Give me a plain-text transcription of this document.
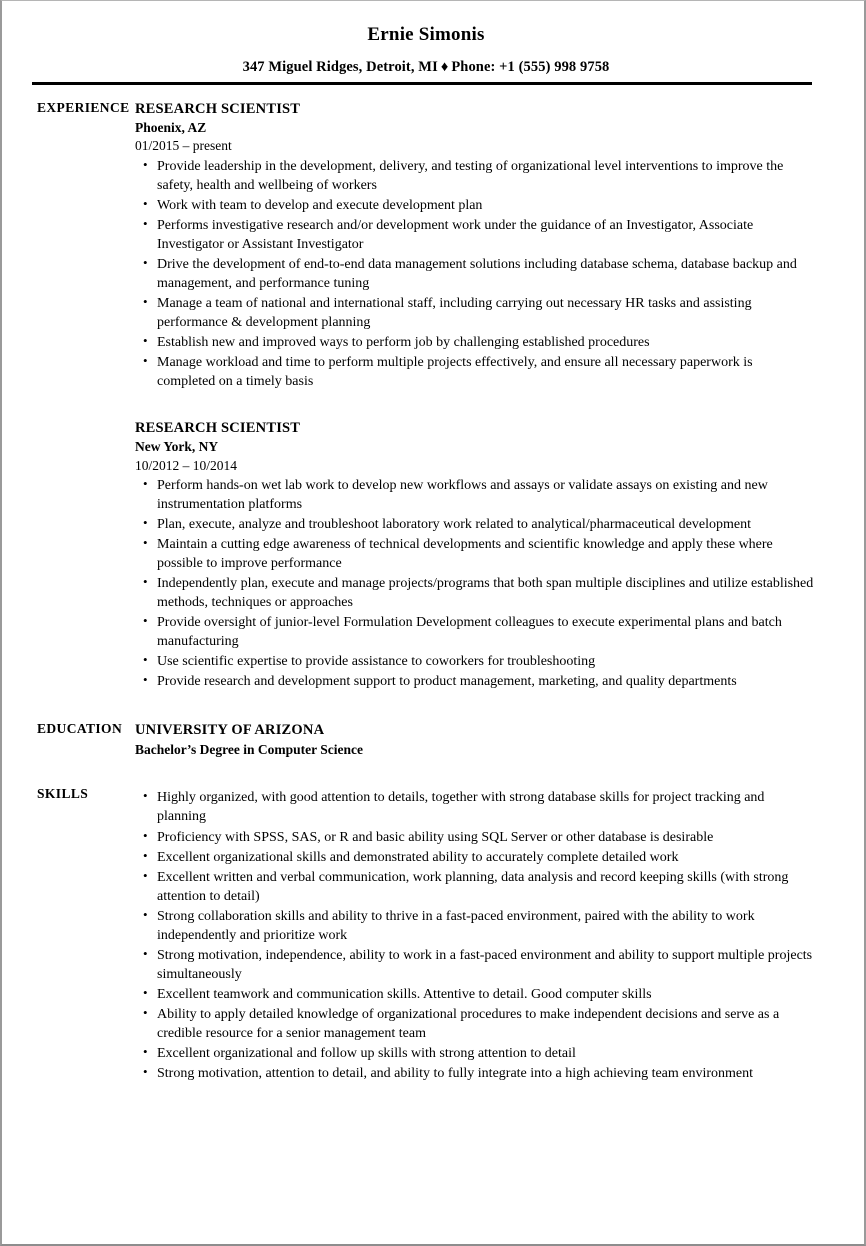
Ernie Simonis
347 Miguel Ridges, Detroit, MI ♦ Phone: +1 (555) 998 9758
EXPERIENCE RESEARCH SCIENTIST
Phoenix, AZ
01/2015 – present
• Provide leadership in the development, delivery, and testing of organizational level interventions to improve the safety, health and wellbeing of workers
• Work with team to develop and execute development plan
• Performs investigative research and/or development work under the guidance of an Investigator, Associate Investigator or Assistant Investigator
• Drive the development of end-to-end data management solutions including database schema, database backup and management, and performance tuning
• Manage a team of national and international staff, including carrying out necessary HR tasks and assisting performance & development planning
• Establish new and improved ways to perform job by challenging established procedures
• Manage workload and time to perform multiple projects effectively, and ensure all necessary paperwork is completed on a timely basis
RESEARCH SCIENTIST
New York, NY
10/2012 – 10/2014
• Perform hands-on wet lab work to develop new workflows and assays or validate assays on existing and new instrumentation platforms
• Plan, execute, analyze and troubleshoot laboratory work related to analytical/pharmaceutical development
• Maintain a cutting edge awareness of technical developments and scientific knowledge and apply these where possible to improve performance
• Independently plan, execute and manage projects/programs that both span multiple disciplines and utilize established methods, techniques or approaches
• Provide oversight of junior-level Formulation Development colleagues to execute experimental plans and batch manufacturing
• Use scientific expertise to provide assistance to coworkers for troubleshooting
• Provide research and development support to product management, marketing, and quality departments
EDUCATION UNIVERSITY OF ARIZONA
Bachelor’s Degree in Computer Science
SKILLS	• Highly organized, with good attention to details, together with strong database skills for project tracking and planning
• Proficiency with SPSS, SAS, or R and basic ability using SQL Server or other database is desirable
• Excellent organizational skills and demonstrated ability to accurately complete detailed work
• Excellent written and verbal communication, work planning, data analysis and record keeping skills (with strong attention to detail)
• Strong collaboration skills and ability to thrive in a fast-paced environment, paired with the ability to work independently and prioritize work
• Strong motivation, independence, ability to work in a fast-paced environment and ability to support multiple projects simultaneously
• Excellent teamwork and communication skills. Attentive to detail. Good computer skills
• Ability to apply detailed knowledge of organizational procedures to make independent decisions and serve as a credible resource for a senior management team
• Excellent organizational and follow up skills with strong attention to detail
• Strong motivation, attention to detail, and ability to fully integrate into a high achieving team environment
